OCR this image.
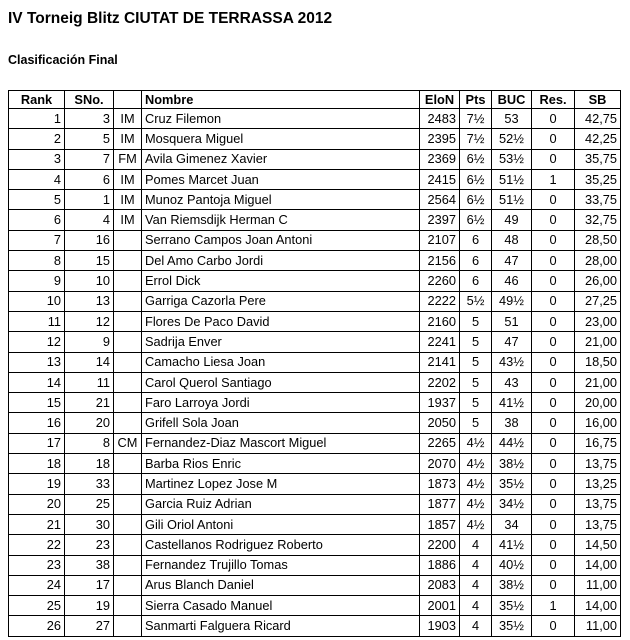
IV Torneig Blitz CIUTAT DE TERRASSA 2012
Clasificación Final
Rank	SNo.		Nombre	EloN	Pts	BUC	Res.	SB
1	3	IM	Cruz Filemon	2483	7½	53	0	42,75
2	5	IM	Mosquera Miguel	2395	7½	52½	0	42,25
3	7	FM	Avila Gimenez Xavier	2369	6½	53½	0	35,75
4	6	IM	Pomes Marcet Juan	2415	6½	51½	1	35,25
5	1	IM	Munoz Pantoja Miguel	2564	6½	51½	0	33,75
6	4	IM	Van Riemsdijk Herman C	2397	6½	49	0	32,75
7	16		Serrano Campos Joan Antoni	2107	6	48	0	28,50
8	15		Del Amo Carbo Jordi	2156	6	47	0	28,00
9	10		Errol Dick	2260	6	46	0	26,00
10	13		Garriga Cazorla Pere	2222	5½	49½	0	27,25
11	12		Flores De Paco David	2160	5	51	0	23,00
12	9		Sadrija Enver	2241	5	47	0	21,00
13	14		Camacho Liesa Joan	2141	5	43½	0	18,50
14	11		Carol Querol Santiago	2202	5	43	0	21,00
15	21		Faro Larroya Jordi	1937	5	41½	0	20,00
16	20		Grifell Sola Joan	2050	5	38	0	16,00
17	8	CM	Fernandez-Diaz Mascort Miguel	2265	4½	44½	0	16,75
18	18		Barba Rios Enric	2070	4½	38½	0	13,75
19	33		Martinez Lopez Jose M	1873	4½	35½	0	13,25
20	25		Garcia Ruiz Adrian	1877	4½	34½	0	13,75
21	30		Gili Oriol Antoni	1857	4½	34	0	13,75
22	23		Castellanos Rodriguez Roberto	2200	4	41½	0	14,50
23	38		Fernandez Trujillo Tomas	1886	4	40½	0	14,00
24	17		Arus Blanch Daniel	2083	4	38½	0	11,00
25	19		Sierra Casado Manuel	2001	4	35½	1	14,00
26	27		Sanmarti Falguera Ricard	1903	4	35½	0	11,00
